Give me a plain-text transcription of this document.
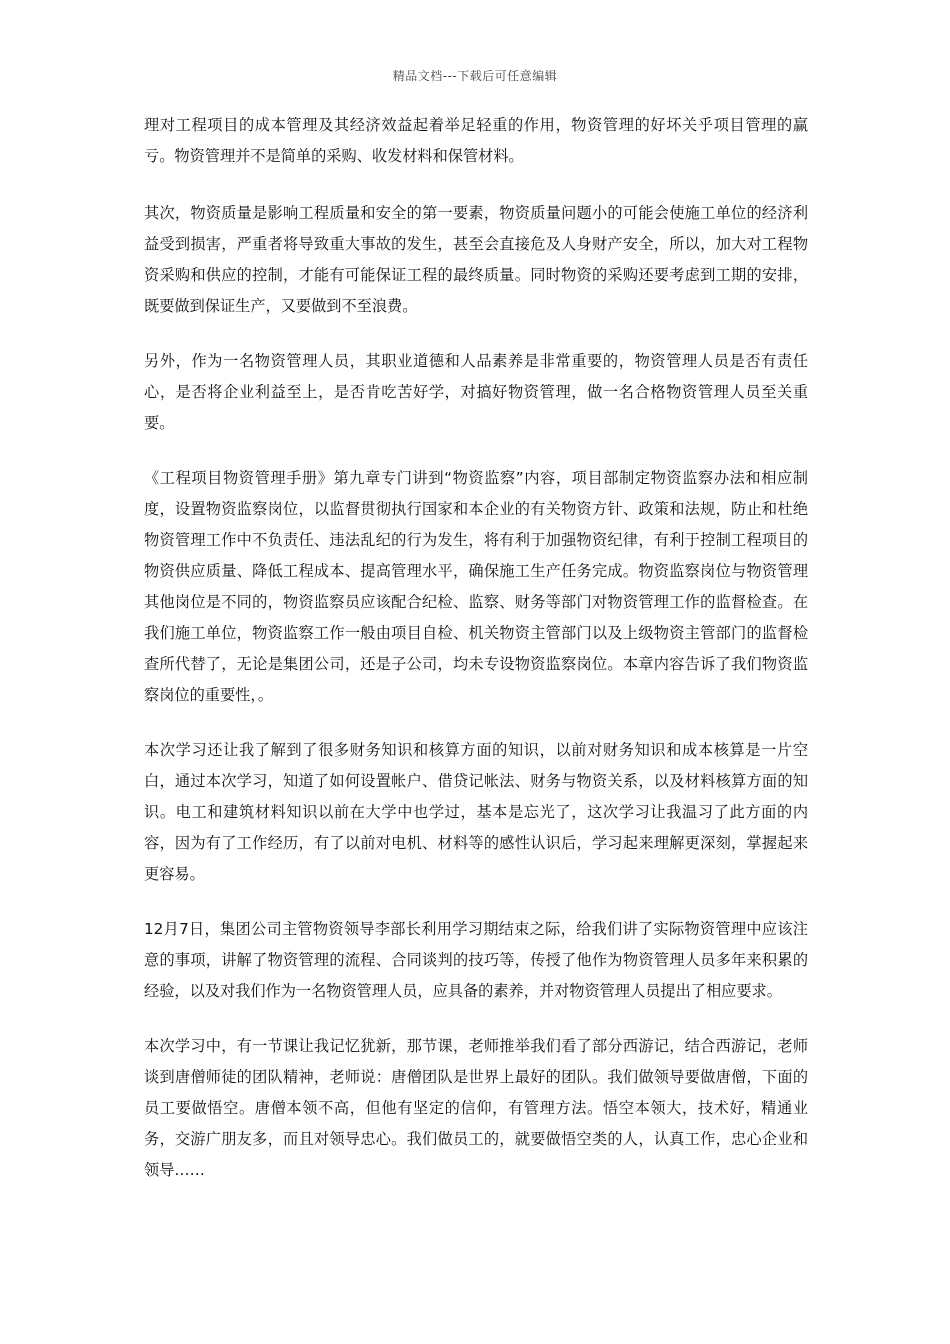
精品文档---下载后可任意编辑

理对工程项目的成本管理及其经济效益起着举足轻重的作用，物资管理的好坏关乎项目管理的赢亏。物资管理并不是简单的采购、收发材料和保管材料。

其次，物资质量是影响工程质量和安全的第一要素，物资质量问题小的可能会使施工单位的经济利益受到损害，严重者将导致重大事故的发生，甚至会直接危及人身财产安全，所以，加大对工程物资采购和供应的控制，才能有可能保证工程的最终质量。同时物资的采购还要考虑到工期的安排，既要做到保证生产，又要做到不至浪费。

另外，作为一名物资管理人员，其职业道德和人品素养是非常重要的，物资管理人员是否有责任心，是否将企业利益至上，是否肯吃苦好学，对搞好物资管理，做一名合格物资管理人员至关重要。

《工程项目物资管理手册》第九章专门讲到“物资监察”内容，项目部制定物资监察办法和相应制度，设置物资监察岗位，以监督贯彻执行国家和本企业的有关物资方针、政策和法规，防止和杜绝物资管理工作中不负责任、违法乱纪的行为发生，将有利于加强物资纪律，有利于控制工程项目的物资供应质量、降低工程成本、提高管理水平，确保施工生产任务完成。物资监察岗位与物资管理其他岗位是不同的，物资监察员应该配合纪检、监察、财务等部门对物资管理工作的监督检查。在我们施工单位，物资监察工作一般由项目自检、机关物资主管部门以及上级物资主管部门的监督检查所代替了，无论是集团公司，还是子公司，均未专设物资监察岗位。本章内容告诉了我们物资监察岗位的重要性，。

本次学习还让我了解到了很多财务知识和核算方面的知识，以前对财务知识和成本核算是一片空白，通过本次学习，知道了如何设置帐户、借贷记帐法、财务与物资关系，以及材料核算方面的知识。电工和建筑材料知识以前在大学中也学过，基本是忘光了，这次学习让我温习了此方面的内容，因为有了工作经历，有了以前对电机、材料等的感性认识后，学习起来理解更深刻，掌握起来更容易。

12月7日，集团公司主管物资领导李部长利用学习期结束之际，给我们讲了实际物资管理中应该注意的事项，讲解了物资管理的流程、合同谈判的技巧等，传授了他作为物资管理人员多年来积累的经验，以及对我们作为一名物资管理人员，应具备的素养，并对物资管理人员提出了相应要求。

本次学习中，有一节课让我记忆犹新，那节课，老师推举我们看了部分西游记，结合西游记，老师谈到唐僧师徒的团队精神，老师说：唐僧团队是世界上最好的团队。我们做领导要做唐僧，下面的员工要做悟空。唐僧本领不高，但他有坚定的信仰，有管理方法。悟空本领大，技术好，精通业务，交游广朋友多，而且对领导忠心。我们做员工的，就要做悟空类的人，认真工作，忠心企业和领导……
